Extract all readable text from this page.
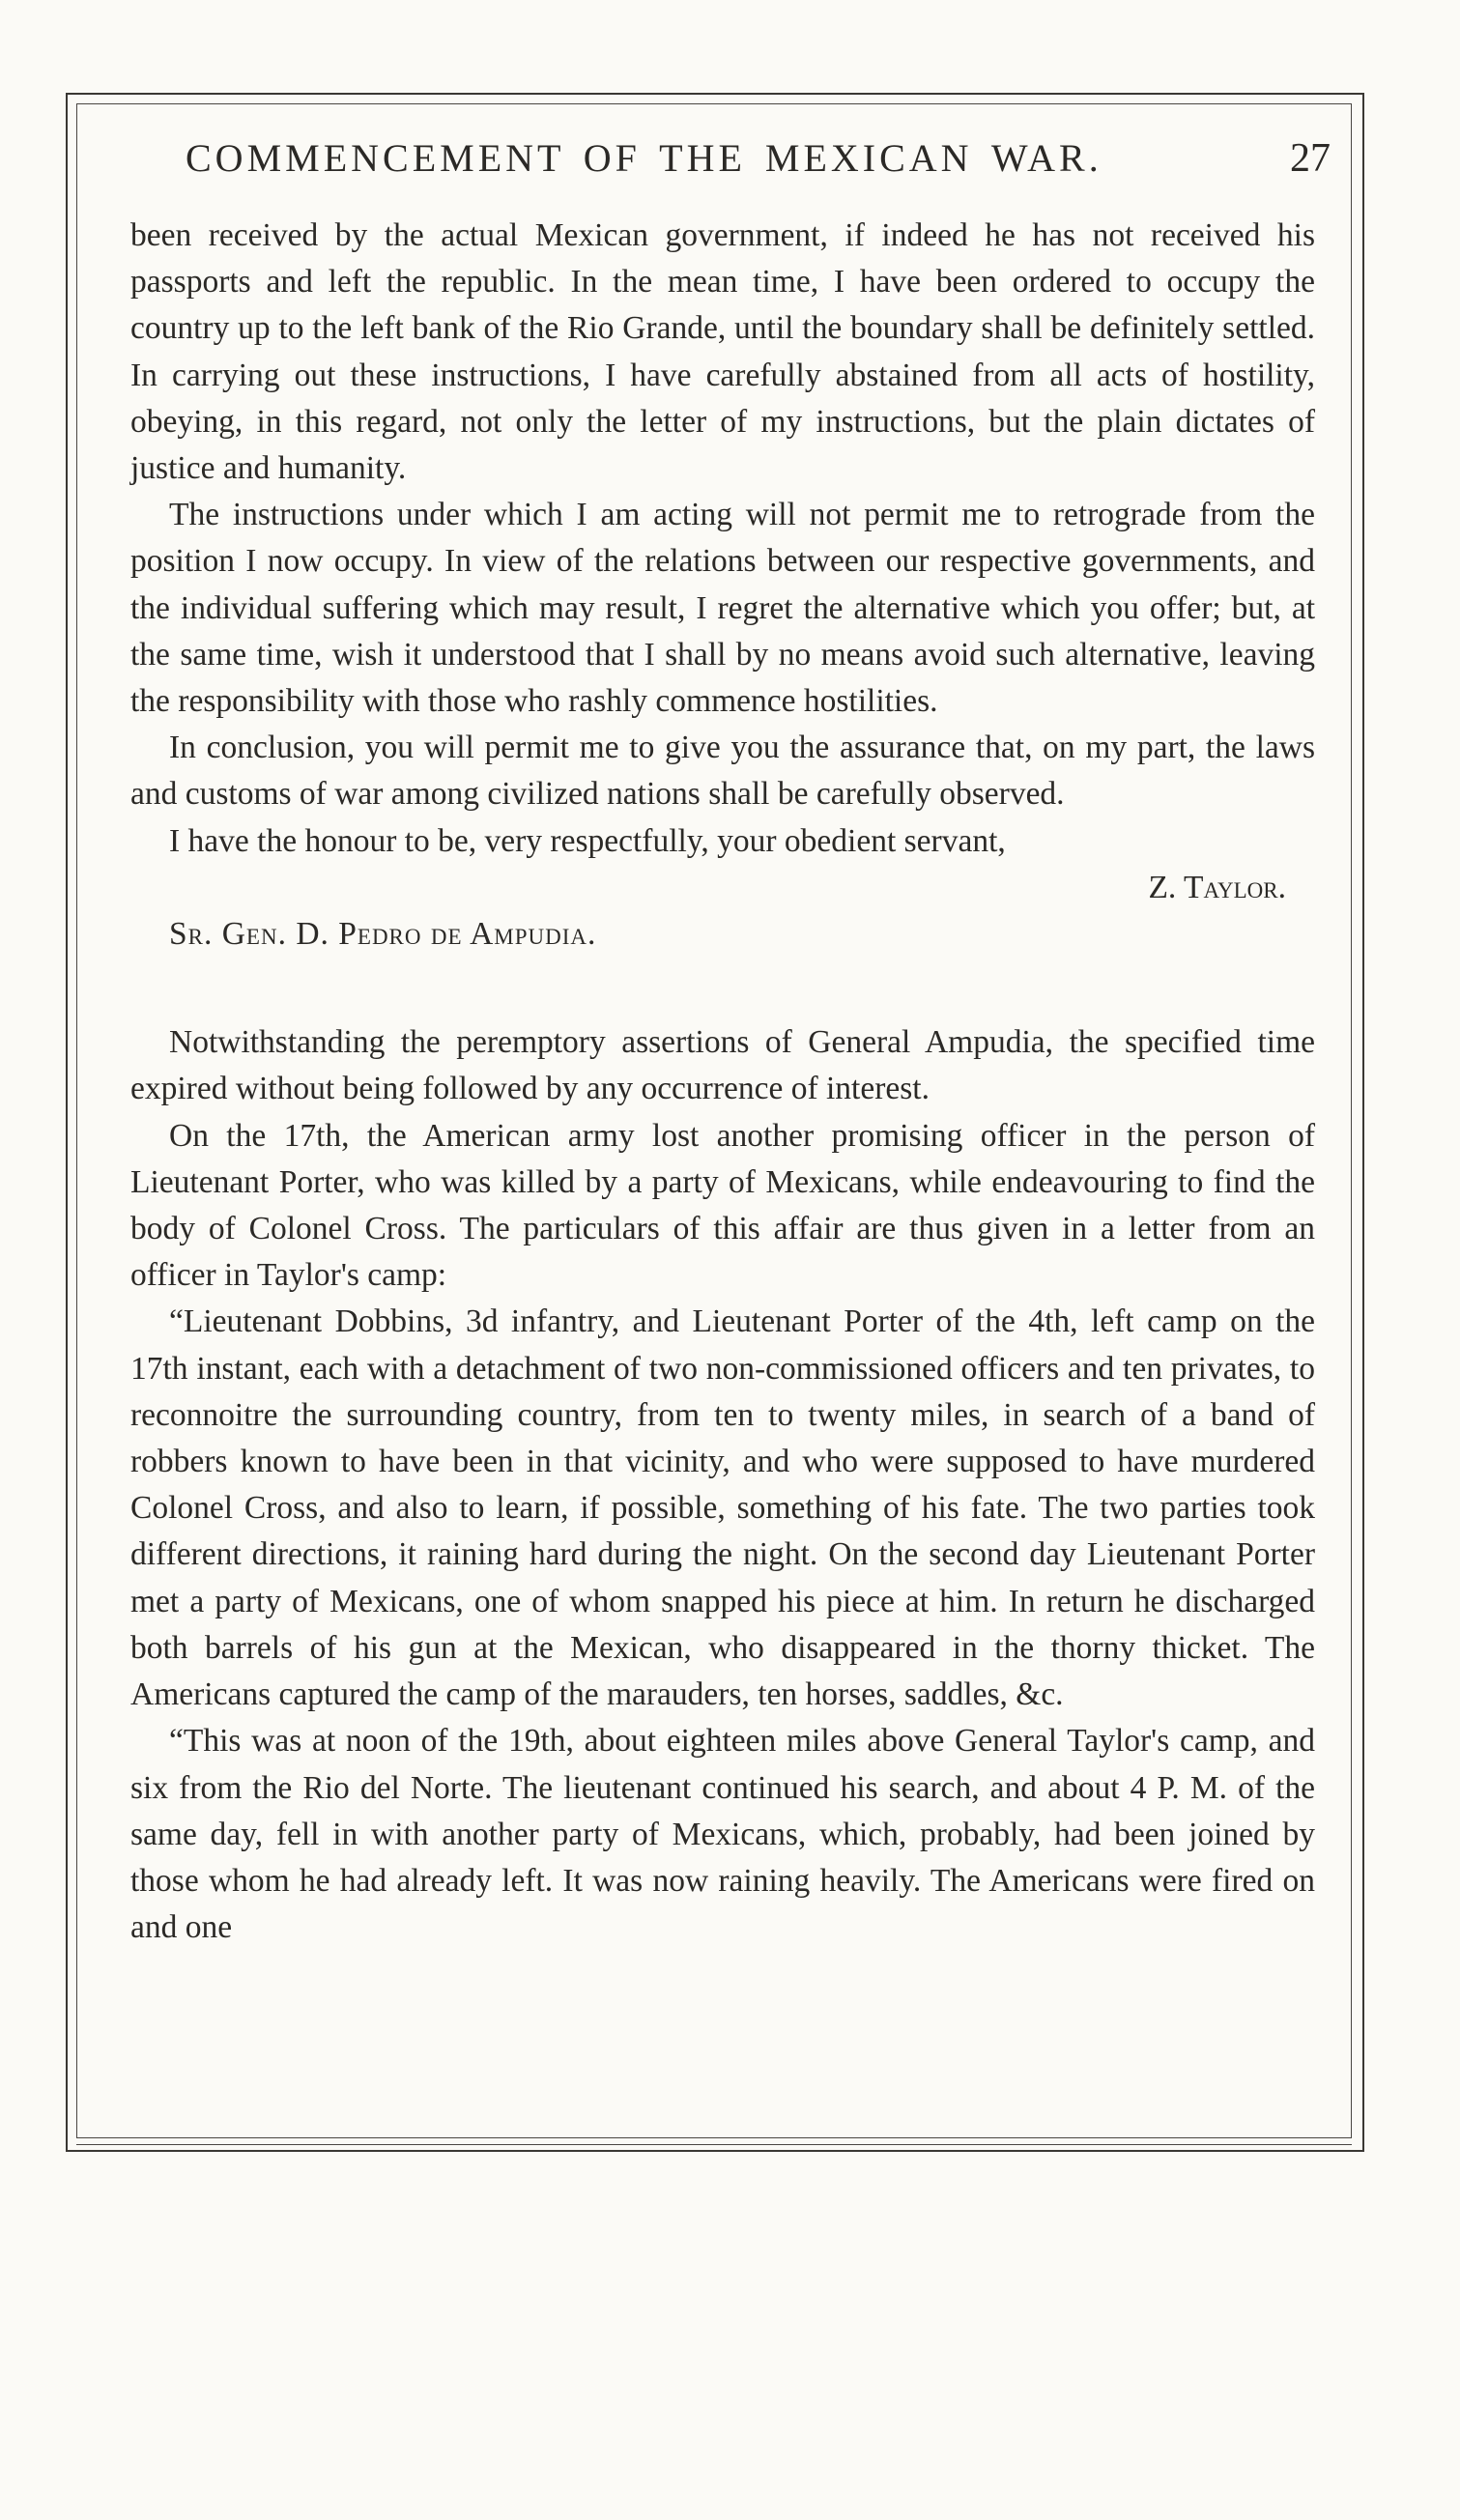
COMMENCEMENT OF THE MEXICAN WAR.	27

been received by the actual Mexican government, if indeed he has not received his passports and left the republic. In the mean time, I have been ordered to occupy the country up to the left bank of the Rio Grande, until the boundary shall be definitely settled. In carrying out these instructions, I have carefully abstained from all acts of hostility, obeying, in this regard, not only the letter of my instructions, but the plain dictates of justice and humanity.

The instructions under which I am acting will not permit me to retrograde from the position I now occupy. In view of the relations between our respective governments, and the individual suffering which may result, I regret the alternative which you offer; but, at the same time, wish it understood that I shall by no means avoid such alternative, leaving the responsibility with those who rashly commence hostilities.

In conclusion, you will permit me to give you the assurance that, on my part, the laws and customs of war among civilized nations shall be carefully observed.

I have the honour to be, very respectfully, your obedient servant,

Z. Taylor.

Sr. Gen. D. Pedro de Ampudia.

Notwithstanding the peremptory assertions of General Ampudia, the specified time expired without being followed by any occurrence of interest.

On the 17th, the American army lost another promising officer in the person of Lieutenant Porter, who was killed by a party of Mexicans, while endeavouring to find the body of Colonel Cross. The particulars of this affair are thus given in a letter from an officer in Taylor's camp:

“Lieutenant Dobbins, 3d infantry, and Lieutenant Porter of the 4th, left camp on the 17th instant, each with a detachment of two non-commissioned officers and ten privates, to reconnoitre the surrounding country, from ten to twenty miles, in search of a band of robbers known to have been in that vicinity, and who were supposed to have murdered Colonel Cross, and also to learn, if possible, something of his fate. The two parties took different directions, it raining hard during the night. On the second day Lieutenant Porter met a party of Mexicans, one of whom snapped his piece at him. In return he discharged both barrels of his gun at the Mexican, who disappeared in the thorny thicket. The Americans captured the camp of the marauders, ten horses, saddles, &c.

“This was at noon of the 19th, about eighteen miles above General Taylor's camp, and six from the Rio del Norte. The lieutenant continued his search, and about 4 P. M. of the same day, fell in with another party of Mexicans, which, probably, had been joined by those whom he had already left. It was now raining heavily. The Americans were fired on and one
